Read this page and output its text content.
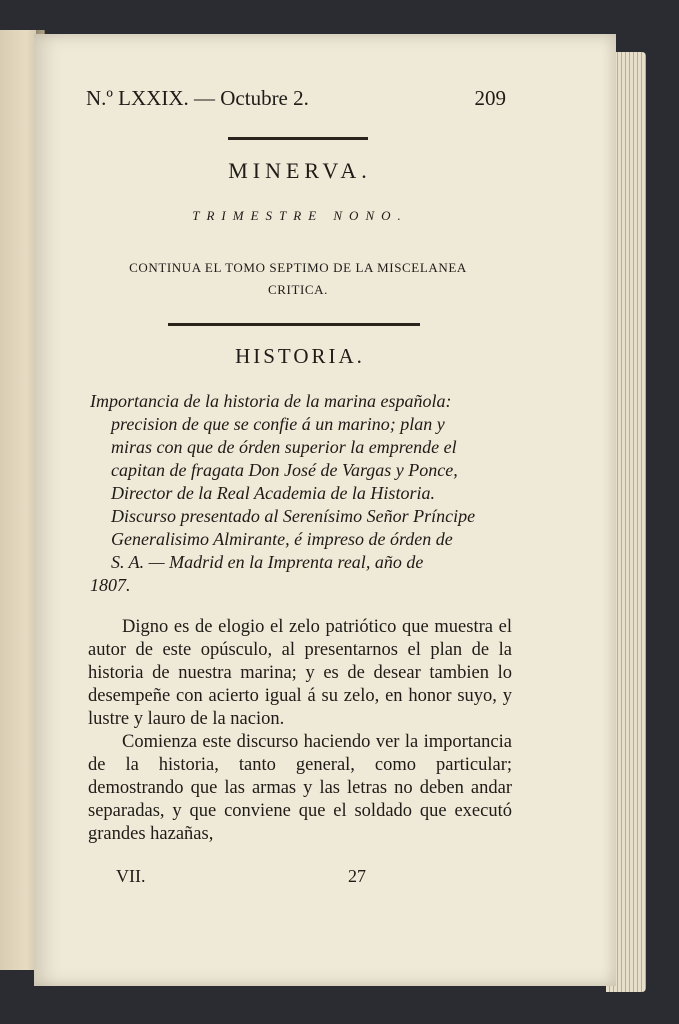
N.º LXXIX. — Octubre 2.	209
MINERVA.
TRIMESTRE NONO.
CONTINUA EL TOMO SEPTIMO DE LA MISCELANEA
CRITICA.
HISTORIA.
Importancia de la historia de la marina española:
precision de que se confie á un marino; plan y
miras con que de órden superior la emprende el
capitan de fragata Don José de Vargas y Ponce,
Director de la Real Academia de la Historia.
Discurso presentado al Serenísimo Señor Príncipe
Generalisimo Almirante, é impreso de órden de
S. A. — Madrid en la Imprenta real, año de
1807.

Digno es de elogio el zelo patriótico que muestra el autor de este opúsculo, al presentarnos el plan de la historia de nuestra marina; y es de desear tambien lo desempeñe con acierto igual á su zelo, en honor suyo, y lustre y lauro de la nacion.

Comienza este discurso haciendo ver la importancia de la historia, tanto general, como particular; demostrando que las armas y las letras no deben andar separadas, y que conviene que el soldado que executó grandes hazañas,

VII.	27
